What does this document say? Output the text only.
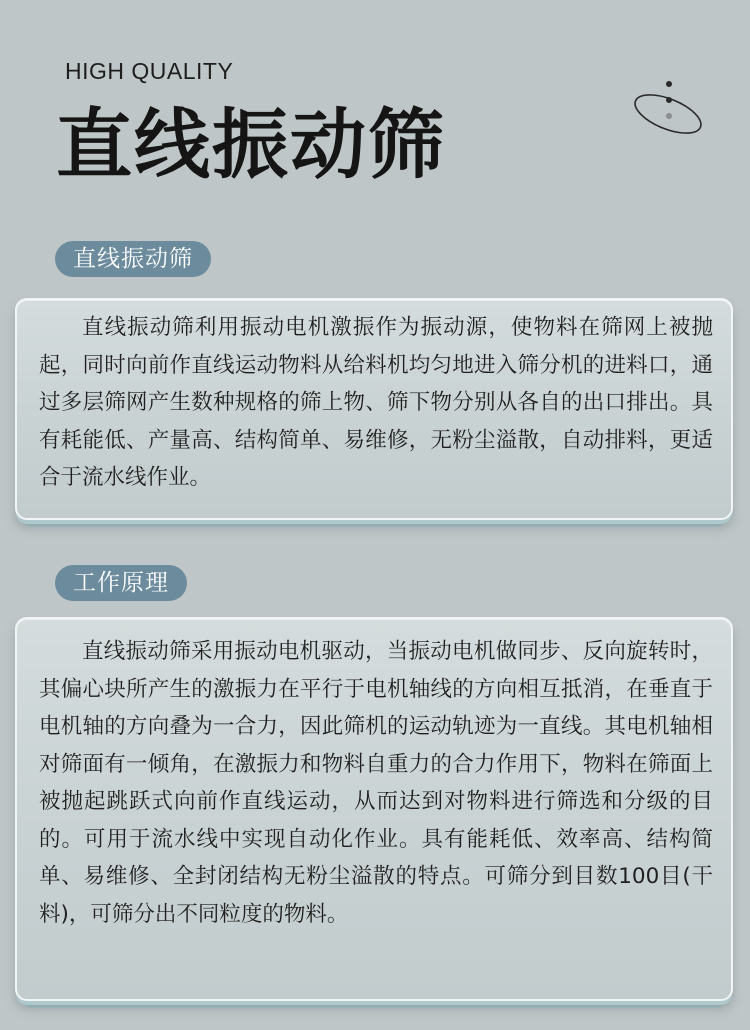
HIGH QUALITY
直线振动筛
直线振动筛

直线振动筛利用振动电机激振作为振动源，使物料在筛网上被抛起，同时向前作直线运动物料从给料机均匀地进入筛分机的进料口，通过多层筛网产生数种规格的筛上物、筛下物分别从各自的出口排出。具有耗能低、产量高、结构简单、易维修，无粉尘溢散，自动排料，更适合于流水线作业。

工作原理

直线振动筛采用振动电机驱动，当振动电机做同步、反向旋转时，其偏心块所产生的激振力在平行于电机轴线的方向相互抵消，在垂直于电机轴的方向叠为一合力，因此筛机的运动轨迹为一直线。其电机轴相对筛面有一倾角，在激振力和物料自重力的合力作用下，物料在筛面上被抛起跳跃式向前作直线运动，从而达到对物料进行筛选和分级的目的。可用于流水线中实现自动化作业。具有能耗低、效率高、结构简单、易维修、全封闭结构无粉尘溢散的特点。可筛分到目数100目(干料)，可筛分出不同粒度的物料。
